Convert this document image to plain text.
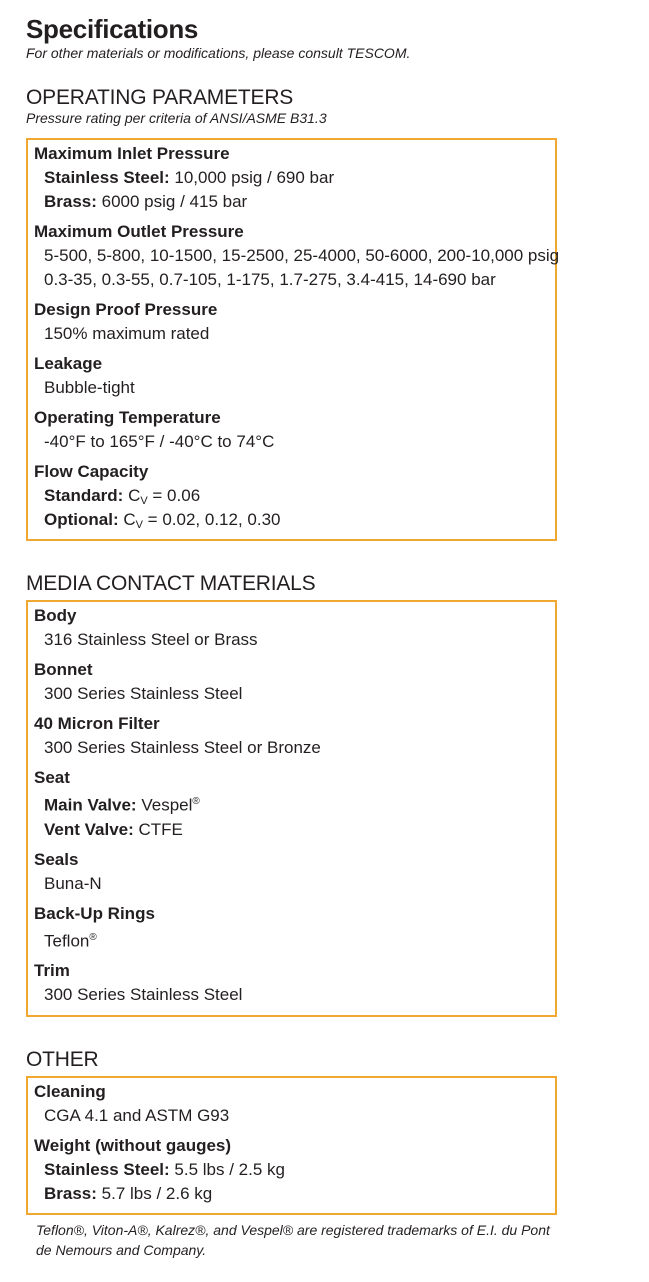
Specifications

For other materials or modifications, please consult TESCOM.

OPERATING PARAMETERS

Pressure rating per criteria of ANSI/ASME B31.3

Maximum Inlet Pressure
Stainless Steel: 10,000 psig / 690 bar
Brass: 6000 psig / 415 bar
Maximum Outlet Pressure
5-500, 5-800, 10-1500, 15-2500, 25-4000, 50-6000, 200-10,000 psig
0.3-35, 0.3-55, 0.7-105, 1-175, 1.7-275, 3.4-415, 14-690 bar
Design Proof Pressure
150% maximum rated
Leakage
Bubble-tight
Operating Temperature
-40°F to 165°F / -40°C to 74°C
Flow Capacity
Standard: $C_V = 0.06$
Optional: $C_V = 0.02$, 0.12, 0.30

MEDIA CONTACT MATERIALS

Body
316 Stainless Steel or Brass
Bonnet
300 Series Stainless Steel
40 Micron Filter
300 Series Stainless Steel or Bronze
Seat
Main Valve: Vespel®
Vent Valve: CTFE
Seals
Buna-N
Back-Up Rings
Teflon®
Trim
300 Series Stainless Steel

OTHER

Cleaning
CGA 4.1 and ASTM G93
Weight (without gauges)
Stainless Steel: 5.5 lbs / 2.5 kg
Brass: 5.7 lbs / 2.6 kg
Teflon®, Viton-A®, Kalrez®, and Vespel® are registered trademarks of E.I. du Pont
de Nemours and Company.
